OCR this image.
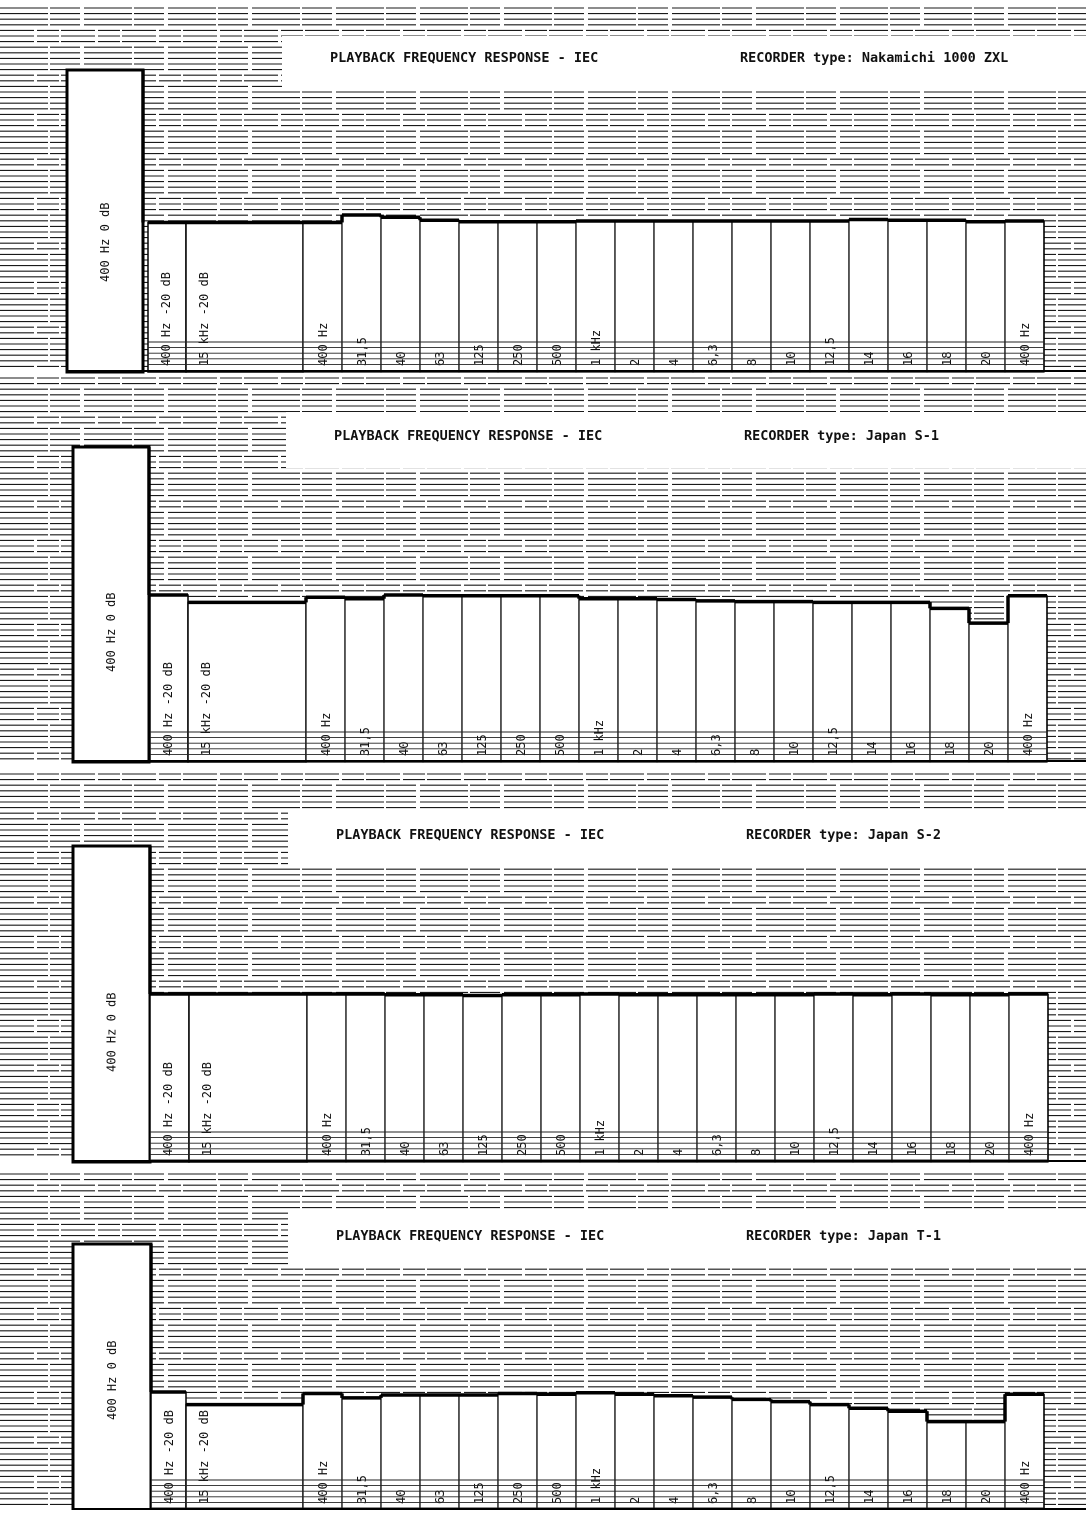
PLAYBACK FREQUENCY RESPONSE - IEC	RECORDER type: Nakamichi 1000 ZXL
400 Hz 0 dB
400 Hz -20 dB 15 kHz -20 dB	400 Hz 31,5 40 63 125 250 500 1 kHz 2 4 6,3 8 10 12,5 14 16 18 20 400 Hz
PLAYBACK FREQUENCY RESPONSE - IEC	RECORDER type: Japan S-1
400 Hz 0 dB
400 Hz -20 dB 15 kHz -20 dB	400 Hz 31,5 40 63 125 250 500 1 kHz 2 4 6,3 8 10 12,5 14 16 18 20 400 Hz
PLAYBACK FREQUENCY RESPONSE - IEC	RECORDER type: Japan S-2
400 Hz 0 dB
400 Hz -20 dB 15 kHz -20 dB	400 Hz 31,5 40 63 125 250 500 1 kHz 2 4 6,3 8 10 12,5 14 16 18 20 400 Hz
PLAYBACK FREQUENCY RESPONSE - IEC	RECORDER type: Japan T-1
400 Hz 0 dB
400 Hz -20 dB 15 kHz -20 dB	400 Hz 31,5 40 63 125 250 500 1 kHz 2 4 6,3 8 10 12,5 14 16 18 20 400 Hz
